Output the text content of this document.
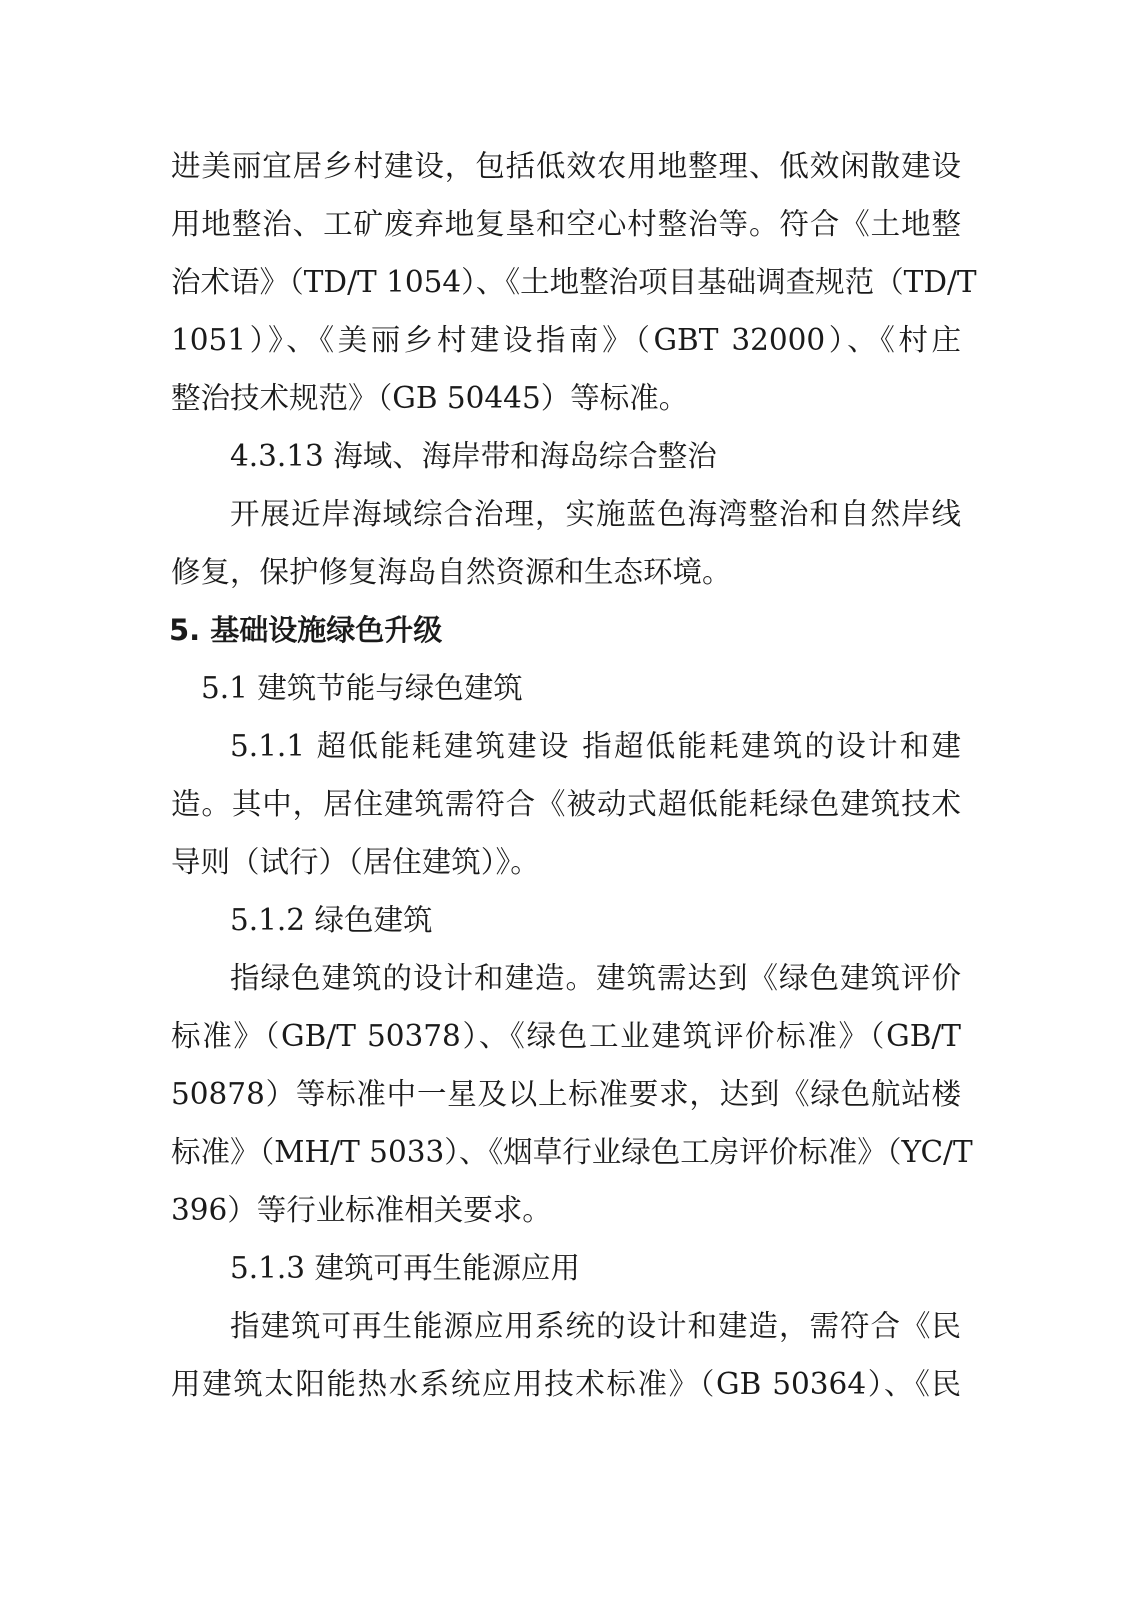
进美丽宜居乡村建设，包括低效农用地整理、低效闲散建设
用地整治、工矿废弃地复垦和空心村整治等。符合《土地整
治术语》（TD/T 1054）、《土地整治项目基础调查规范（TD/T
1051）》、《美丽乡村建设指南》（GBT 32000）、《村庄
整治技术规范》（GB 50445）等标准。
4.3.13 海域、海岸带和海岛综合整治
开展近岸海域综合治理，实施蓝色海湾整治和自然岸线
修复，保护修复海岛自然资源和生态环境。
5. 基础设施绿色升级
5.1 建筑节能与绿色建筑
5.1.1 超低能耗建筑建设 指超低能耗建筑的设计和建
造。其中，居住建筑需符合《被动式超低能耗绿色建筑技术
导则（试行）（居住建筑）》。
5.1.2 绿色建筑
指绿色建筑的设计和建造。建筑需达到《绿色建筑评价
标准》（GB/T 50378）、《绿色工业建筑评价标准》（GB/T
50878）等标准中一星及以上标准要求，达到《绿色航站楼
标准》（MH/T 5033）、《烟草行业绿色工房评价标准》（YC/T
396）等行业标准相关要求。
5.1.3 建筑可再生能源应用
指建筑可再生能源应用系统的设计和建造，需符合《民
用建筑太阳能热水系统应用技术标准》（GB 50364）、《民
